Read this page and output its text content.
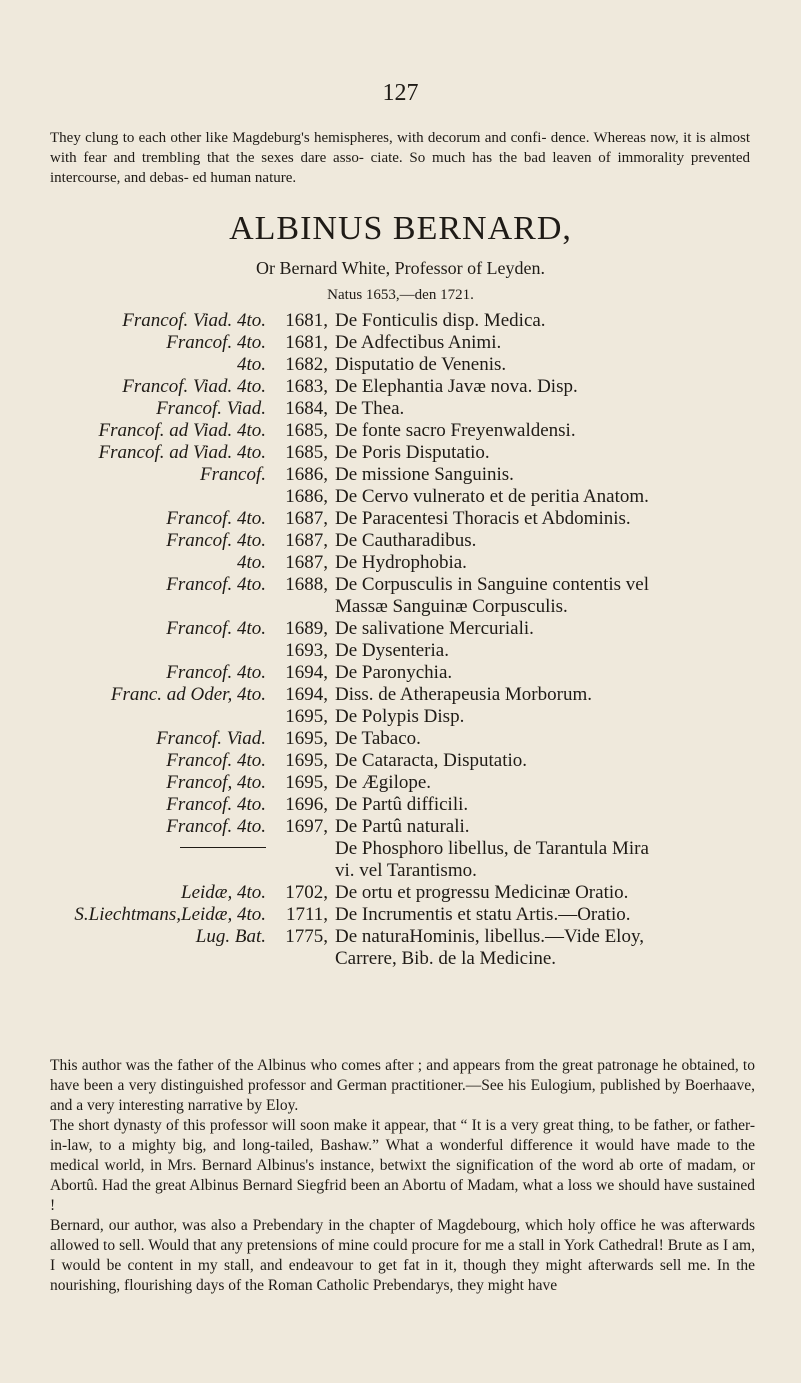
127
They clung to each other like Magdeburg's hemispheres, with decorum and confi- dence. Whereas now, it is almost with fear and trembling that the sexes dare asso- ciate. So much has the bad leaven of immorality prevented intercourse, and debas- ed human nature.
ALBINUS BERNARD,
Or Bernard White, Professor of Leyden.
Natus 1653,—den 1721.
Francof. Viad. 4to.	1681, De Fonticulis disp. Medica.
Francof. 4to.	1681, De Adfectibus Animi.
4to.	1682, Disputatio de Venenis.
Francof. Viad. 4to.	1683, De Elephantia Javæ nova. Disp.
Francof. Viad.	1684, De Thea.
Francof. ad Viad. 4to.	1685, De fonte sacro Freyenwaldensi.
Francof. ad Viad. 4to.	1685, De Poris Disputatio.
Francof.	1686, De missione Sanguinis.
1686, De Cervo vulnerato et de peritia Anatom.
Francof. 4to.	1687, De Paracentesi Thoracis et Abdominis.
Francof. 4to.	1687, De Cautharadibus.
4to.	1687, De Hydrophobia.
Francof. 4to.	1688, De Corpusculis in Sanguine contentis vel
Massæ Sanguinæ Corpusculis.
Francof. 4to.	1689, De salivatione Mercuriali.
1693, De Dysenteria.
Francof. 4to.	1694, De Paronychia.
Franc. ad Oder, 4to.	1694, Diss. de Atherapeusia Morborum.
1695, De Polypis Disp.
Francof. Viad.	1695, De Tabaco.
Francof. 4to.	1695, De Cataracta, Disputatio.
Francof, 4to.	1695, De Ægilope.
Francof. 4to.	1696, De Partû difficili.
Francof. 4to.	1697, De Partû naturali.
De Phosphoro libellus, de Tarantula Mira
vi. vel Tarantismo.
Leidæ, 4to.	1702, De ortu et progressu Medicinæ Oratio.
S.Liechtmans,Leidæ, 4to.	1711, De Incrumentis et statu Artis.—Oratio.
Lug. Bat.	1775, De naturaHominis, libellus.—Vide Eloy,
Carrere, Bib. de la Medicine.

This author was the father of the Albinus who comes after ; and appears from the great patronage he obtained, to have been a very distinguished professor and German practitioner.—See his Eulogium, published by Boerhaave, and a very interesting narrative by Eloy.

The short dynasty of this professor will soon make it appear, that “ It is a very great thing, to be father, or father-in-law, to a mighty big, and long-tailed, Bashaw.” What a wonderful difference it would have made to the medical world, in Mrs. Bernard Albinus's instance, betwixt the signification of the word ab orte of madam, or Abortû. Had the great Albinus Bernard Siegfrid been an Abortu of Madam, what a loss we should have sustained !

Bernard, our author, was also a Prebendary in the chapter of Magdebourg, which holy office he was afterwards allowed to sell. Would that any pretensions of mine could procure for me a stall in York Cathedral! Brute as I am, I would be content in my stall, and endeavour to get fat in it, though they might afterwards sell me. In the nourishing, flourishing days of the Roman Catholic Prebendarys, they might have
